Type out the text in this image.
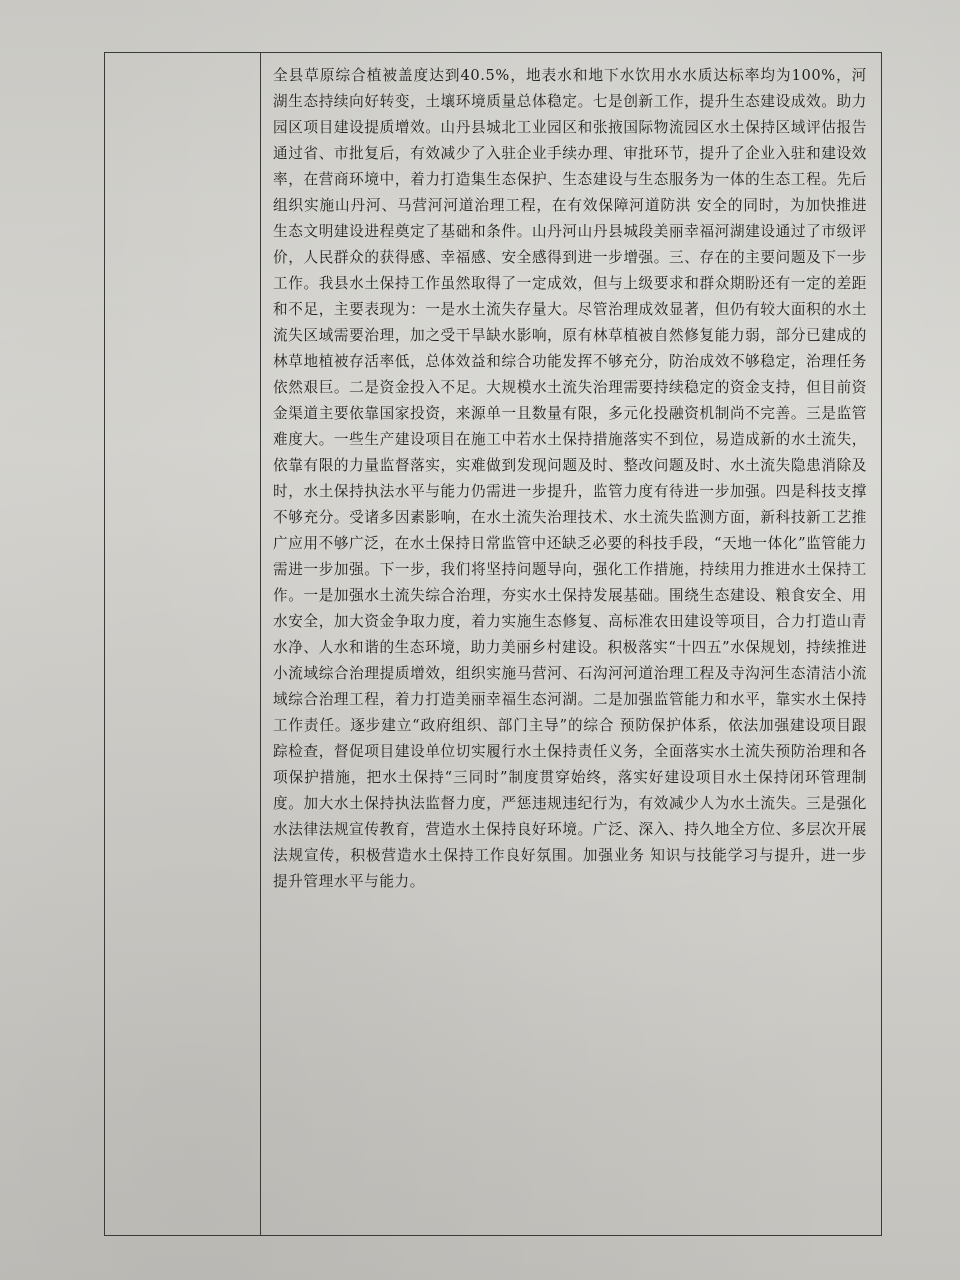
全县草原综合植被盖度达到40.5%，地表水和地下水饮用水水质达标率均为100%，河湖生态持续向好转变，土壤环境质量总体稳定。七是创新工作，提升生态建设成效。助力园区项目建设提质增效。山丹县城北工业园区和张掖国际物流园区水土保持区域评估报告通过省、市批复后，有效减少了入驻企业手续办理、审批环节，提升了企业入驻和建设效率，在营商环境中，着力打造集生态保护、生态建设与生态服务为一体的生态工程。先后组织实施山丹河、马营河河道治理工程，在有效保障河道防洪 安全的同时，为加快推进生态文明建设进程奠定了基础和条件。山丹河山丹县城段美丽幸福河湖建设通过了市级评价，人民群众的获得感、幸福感、安全感得到进一步增强。三、存在的主要问题及下一步工作。我县水土保持工作虽然取得了一定成效，但与上级要求和群众期盼还有一定的差距和不足，主要表现为：一是水土流失存量大。尽管治理成效显著，但仍有较大面积的水土流失区域需要治理，加之受干旱缺水影响，原有林草植被自然修复能力弱，部分已建成的林草地植被存活率低，总体效益和综合功能发挥不够充分，防治成效不够稳定，治理任务依然艰巨。二是资金投入不足。大规模水土流失治理需要持续稳定的资金支持，但目前资金渠道主要依靠国家投资，来源单一且数量有限，多元化投融资机制尚不完善。三是监管难度大。一些生产建设项目在施工中若水土保持措施落实不到位，易造成新的水土流失，依靠有限的力量监督落实，实难做到发现问题及时、整改问题及时、水土流失隐患消除及时，水土保持执法水平与能力仍需进一步提升，监管力度有待进一步加强。四是科技支撑不够充分。受诸多因素影响，在水土流失治理技术、水土流失监测方面，新科技新工艺推广应用不够广泛，在水土保持日常监管中还缺乏必要的科技手段，“天地一体化”监管能力需进一步加强。下一步，我们将坚持问题导向，强化工作措施，持续用力推进水土保持工作。一是加强水土流失综合治理，夯实水土保持发展基础。围绕生态建设、粮食安全、用水安全，加大资金争取力度，着力实施生态修复、高标准农田建设等项目，合力打造山青水净、人水和谐的生态环境，助力美丽乡村建设。积极落实“十四五”水保规划，持续推进小流域综合治理提质增效，组织实施马营河、石沟河河道治理工程及寺沟河生态清洁小流域综合治理工程，着力打造美丽幸福生态河湖。二是加强监管能力和水平，靠实水土保持工作责任。逐步建立“政府组织、部门主导”的综合 预防保护体系，依法加强建设项目跟踪检查，督促项目建设单位切实履行水土保持责任义务，全面落实水土流失预防治理和各项保护措施，把水土保持“三同时”制度贯穿始终，落实好建设项目水土保持闭环管理制度。加大水土保持执法监督力度，严惩违规违纪行为，有效减少人为水土流失。三是强化水法律法规宣传教育，营造水土保持良好环境。广泛、深入、持久地全方位、多层次开展法规宣传，积极营造水土保持工作良好氛围。加强业务 知识与技能学习与提升，进一步提升管理水平与能力。
